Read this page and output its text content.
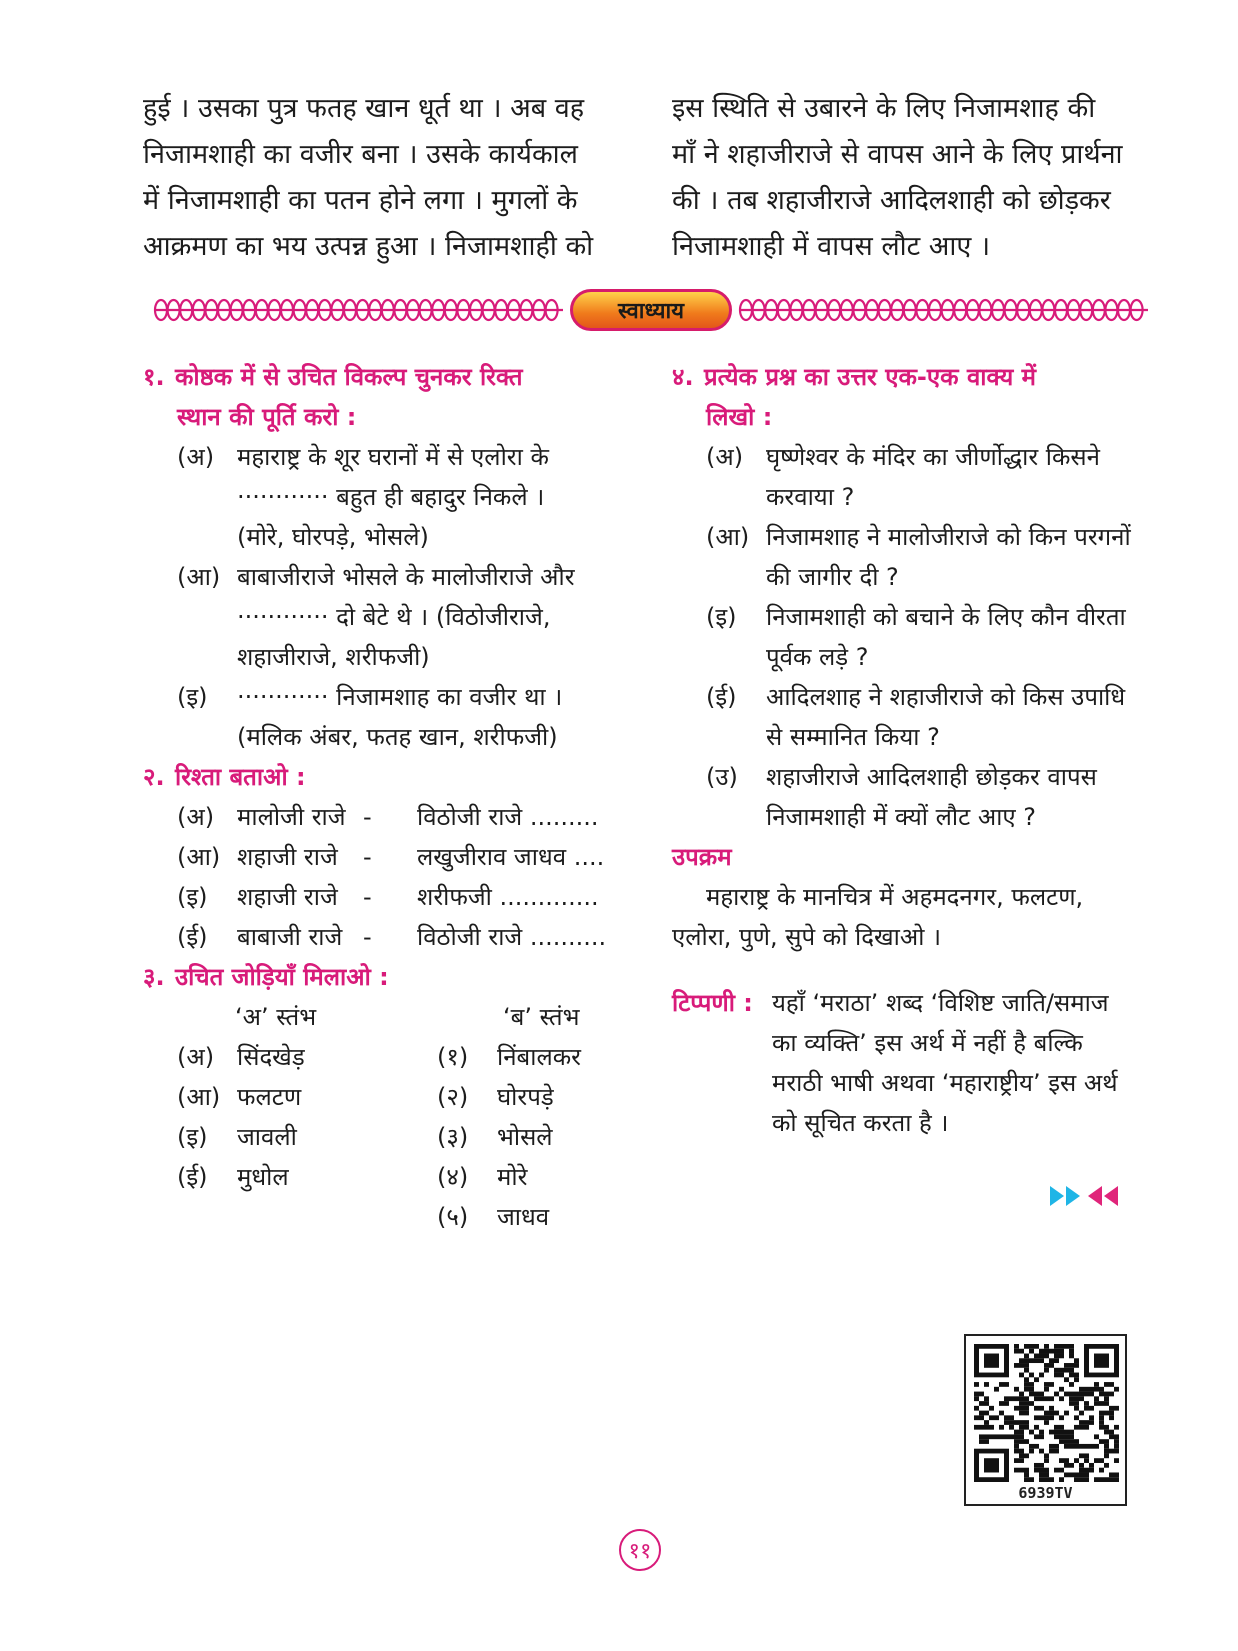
हुई । उसका पुत्र फतह खान धूर्त था । अब वह

निजामशाही का वजीर बना । उसके कार्यकाल

में निजामशाही का पतन होने लगा । मुगलों के

आक्रमण का भय उत्पन्न हुआ । निजामशाही को

इस स्थिति से उबारने के लिए निजामशाह की

माँ ने शहाजीराजे से वापस आने के लिए प्रार्थना

की । तब शहाजीराजे आदिलशाही को छोड़कर

निजामशाही में वापस लौट आए ।

स्वाध्याय
१. कोष्ठक में से उचित विकल्प चुनकर रिक्त
स्थान की पूर्ति करो :
(अ) महाराष्ट्र के शूर घरानों में से एलोरा के
············ बहुत ही बहादुर निकले ।
(मोरे, घोरपड़े, भोसले)
(आ) बाबाजीराजे भोसले के मालोजीराजे और
············ दो बेटे थे । (विठोजीराजे,
शहाजीराजे, शरीफजी)
(इ)	············ निजामशाह का वजीर था ।
(मलिक अंबर, फतह खान, शरीफजी)
२. रिश्ता बताओ :
(अ) मालोजी राजे -	विठोजी राजे .........
(आ) शहाजी राजे	-	लखुजीराव जाधव ....
(इ)	शहाजी राजे	-	शरीफजी .............
(ई)	बाबाजी राजे -	विठोजी राजे ..........
३. उचित जोड़ियाँ मिलाओ :
‘अ’ स्तंभ	‘ब’ स्तंभ
(अ) सिंदखेड़	(१)	निंबालकर
(आ) फलटण	(२)	घोरपड़े
(इ)	जावली	(३)	भोसले
(ई)	मुधोल	(४)	मोरे
(५)	जाधव
४. प्रत्येक प्रश्न का उत्तर एक-एक वाक्य में
लिखो :
(अ) घृष्णेश्वर के मंदिर का जीर्णोद्धार किसने
करवाया ?
(आ) निजामशाह ने मालोजीराजे को किन परगनों
की जागीर दी ?
(इ)	निजामशाही को बचाने के लिए कौन वीरता
पूर्वक लड़े ?
(ई)	आदिलशाह ने शहाजीराजे को किस उपाधि
से सम्मानित किया ?
(उ)	शहाजीराजे आदिलशाही छोड़कर वापस
निजामशाही में क्यों लौट आए ?
उपक्रम
महाराष्ट्र के मानचित्र में अहमदनगर, फलटण,
एलोरा, पुणे, सुपे को दिखाओ ।
टिप्पणी : यहाँ ‘मराठा’ शब्द ‘विशिष्ट जाति/समाज
का व्यक्ति’ इस अर्थ में नहीं है बल्कि
मराठी भाषी अथवा ‘महाराष्ट्रीय’ इस अर्थ
को सूचित करता है ।
6939TV
११
